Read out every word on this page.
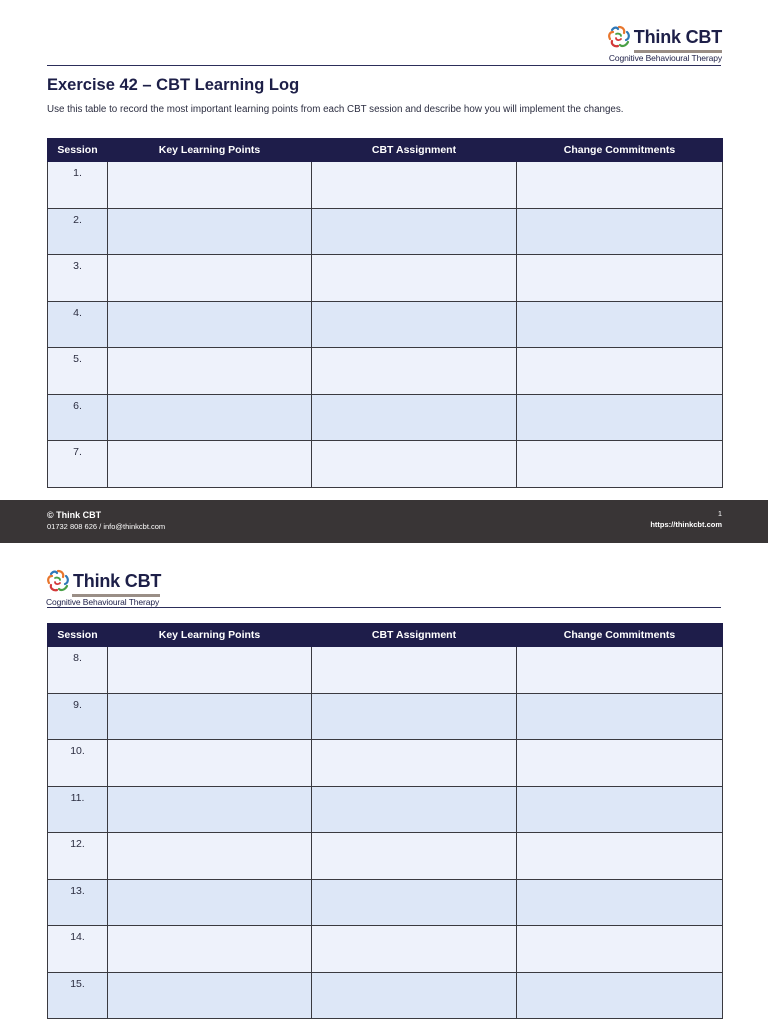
Think CBT
Cognitive Behavioural Therapy
Exercise 42 – CBT Learning Log
Use this table to record the most important learning points from each CBT session and describe how you will implement the changes.
Session	Key Learning Points	CBT Assignment	Change Commitments
1.			
2.			
3.			
4.			
5.			
6.			
7.			
© Think CBT
01732 808 626 / info@thinkcbt.com
1
https://thinkcbt.com
Think CBT
Cognitive Behavioural Therapy
Session	Key Learning Points	CBT Assignment	Change Commitments
8.			
9.			
10.			
11.			
12.			
13.			
14.			
15.			
